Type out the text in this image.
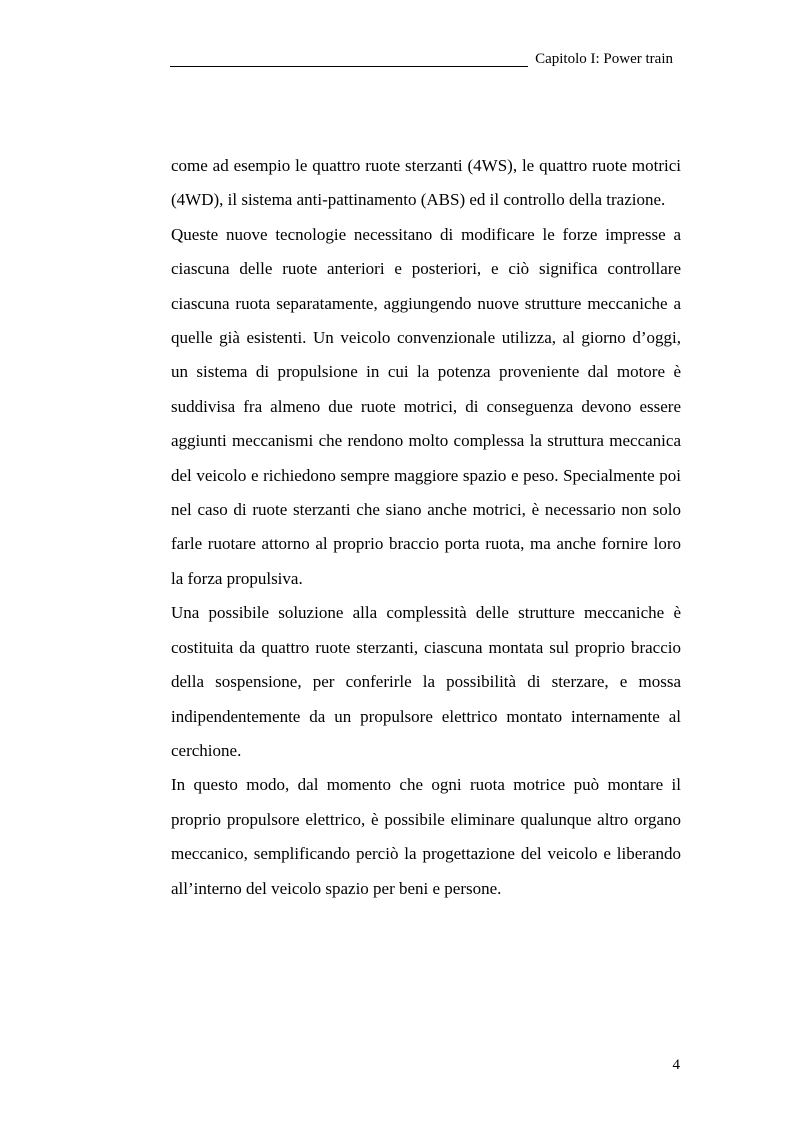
Capitolo I: Power train

come ad esempio le quattro ruote sterzanti (4WS), le quattro ruote motrici (4WD), il sistema anti-pattinamento (ABS) ed il controllo della trazione.

Queste nuove tecnologie necessitano di modificare le forze impresse a ciascuna delle ruote anteriori e posteriori, e ciò significa controllare ciascuna ruota separatamente, aggiungendo nuove strutture meccaniche a quelle già esistenti. Un veicolo convenzionale utilizza, al giorno d’oggi, un sistema di propulsione in cui la potenza proveniente dal motore è suddivisa fra almeno due ruote motrici, di conseguenza devono essere aggiunti meccanismi che rendono molto complessa la struttura meccanica del veicolo e richiedono sempre maggiore spazio e peso. Specialmente poi nel caso di ruote sterzanti che siano anche motrici, è necessario non solo farle ruotare attorno al proprio braccio porta ruota, ma anche fornire loro la forza propulsiva.

Una possibile soluzione alla complessità delle strutture meccaniche è costituita da quattro ruote sterzanti, ciascuna montata sul proprio braccio della sospensione, per conferirle la possibilità di sterzare, e mossa indipendentemente da un propulsore elettrico montato internamente al cerchione.

In questo modo, dal momento che ogni ruota motrice può montare il proprio propulsore elettrico, è possibile eliminare qualunque altro organo meccanico, semplificando perciò la progettazione del veicolo e liberando all’interno del veicolo spazio per beni e persone.

4
